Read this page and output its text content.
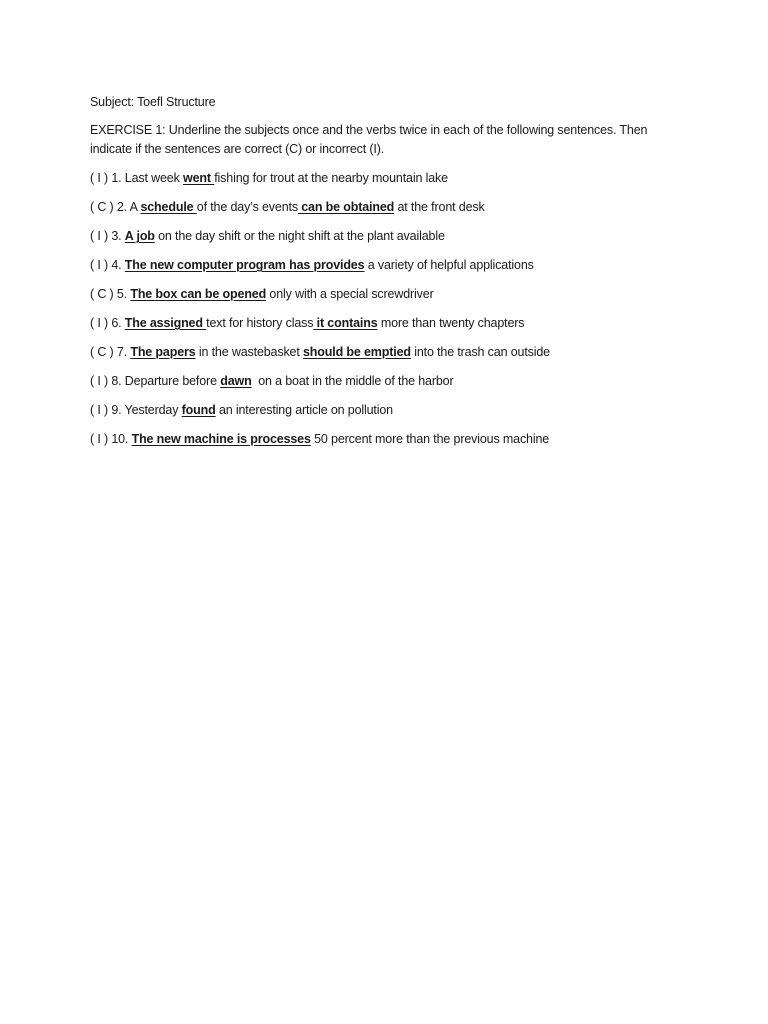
Subject: Toefl Structure
EXERCISE 1: Underline the subjects once and the verbs twice in each of the following sentences. Then indicate if the sentences are correct (C) or incorrect (I).
( I ) 1. Last week went fishing for trout at the nearby mountain lake
( C ) 2. A schedule of the day’s events can be obtained at the front desk
( I ) 3. A job on the day shift or the night shift at the plant available
( I ) 4. The new computer program has provides a variety of helpful applications
( C ) 5. The box can be opened only with a special screwdriver
( I ) 6. The assigned text for history class it contains more than twenty chapters
( C ) 7. The papers in the wastebasket should be emptied into the trash can outside
( I ) 8. Departure before dawn  on a boat in the middle of the harbor
( I ) 9. Yesterday found an interesting article on pollution
( I ) 10. The new machine is processes 50 percent more than the previous machine
